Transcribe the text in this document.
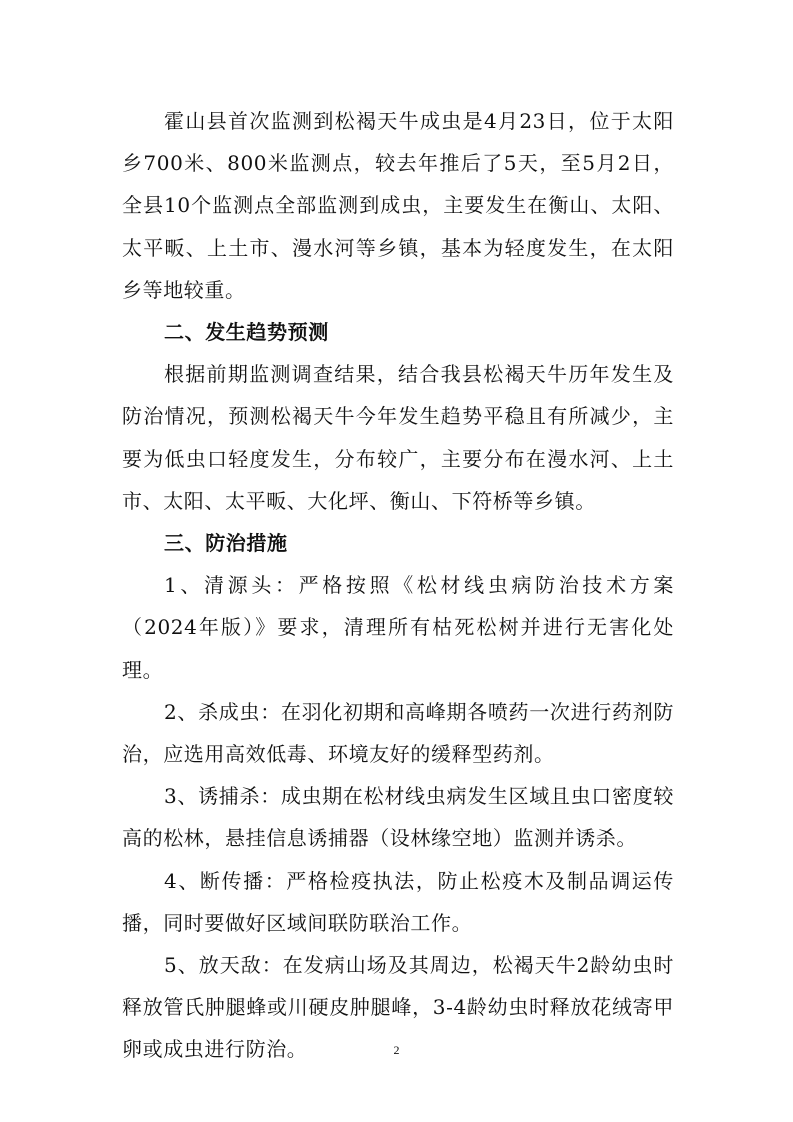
霍山县首次监测到松褐天牛成虫是4月23日，位于太阳乡700米、800米监测点，较去年推后了5天，至5月2日，全县10个监测点全部监测到成虫，主要发生在衡山、太阳、太平畈、上土市、漫水河等乡镇，基本为轻度发生，在太阳乡等地较重。

二、发生趋势预测

根据前期监测调查结果，结合我县松褐天牛历年发生及防治情况，预测松褐天牛今年发生趋势平稳且有所减少，主要为低虫口轻度发生，分布较广，主要分布在漫水河、上土市、太阳、太平畈、大化坪、衡山、下符桥等乡镇。

三、防治措施

1、清源头：严格按照《松材线虫病防治技术方案（2024年版）》要求，清理所有枯死松树并进行无害化处理。

2、杀成虫：在羽化初期和高峰期各喷药一次进行药剂防治，应选用高效低毒、环境友好的缓释型药剂。

3、诱捕杀：成虫期在松材线虫病发生区域且虫口密度较高的松林，悬挂信息诱捕器（设林缘空地）监测并诱杀。

4、断传播：严格检疫执法，防止松疫木及制品调运传播，同时要做好区域间联防联治工作。

5、放天敌：在发病山场及其周边，松褐天牛2龄幼虫时释放管氏肿腿蜂或川硬皮肿腿峰，3-4龄幼虫时释放花绒寄甲卵或成虫进行防治。	2
